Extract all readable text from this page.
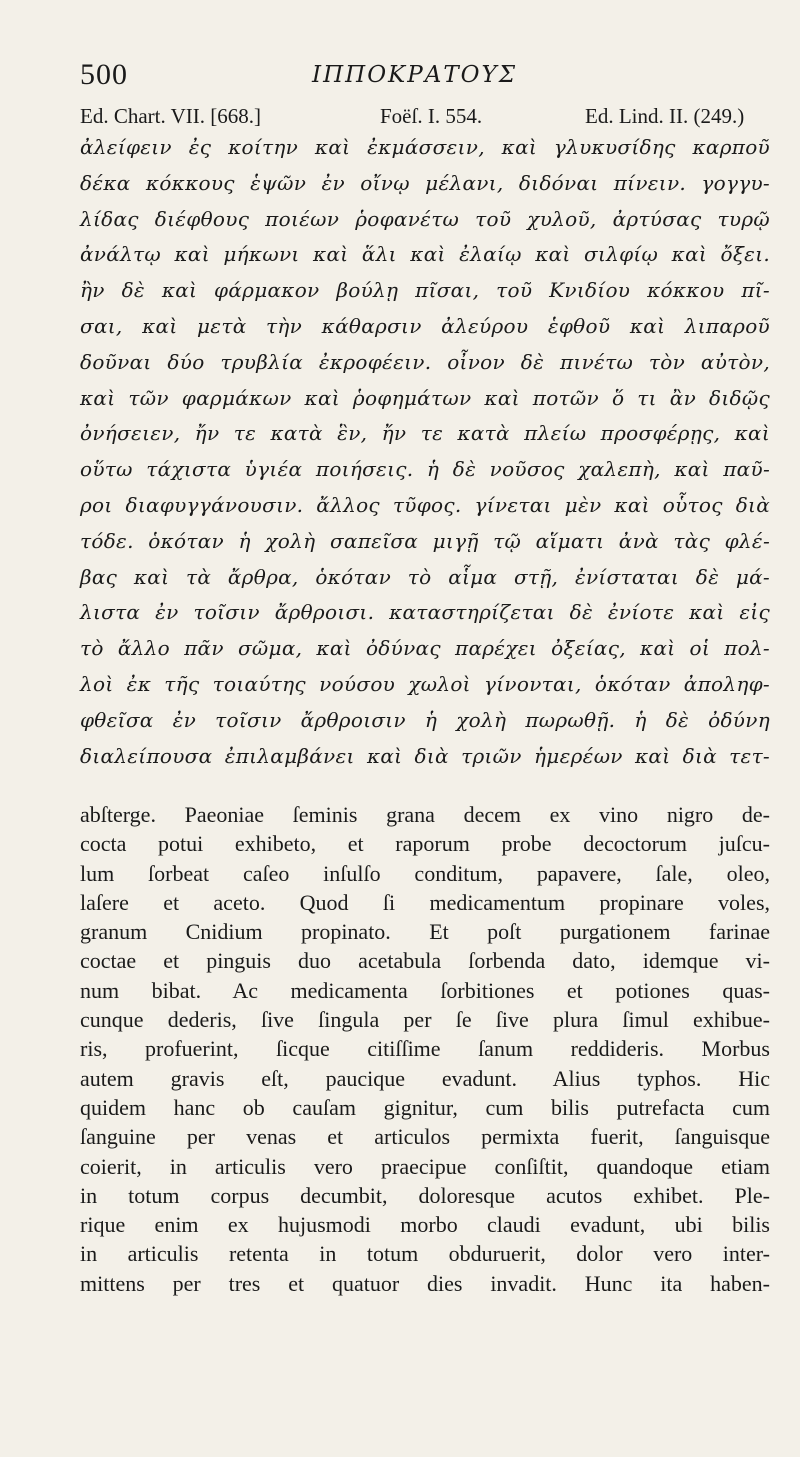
500	ΙΠΠΟΚΡΑΤΟΥΣ
Ed. Chart. VII. [668.]	Foëſ. I. 554.	Ed. Lind. II. (249.)
ἀλείφειν ἐς κοίτην καὶ ἐκμάσσειν, καὶ γλυκυσίδης καρποῦ
δέκα κόκκους ἑψῶν ἐν οἴνῳ μέλανι, διδόναι πίνειν. γογγυ-
λίδας διέφθους ποιέων ῥοφανέτω τοῦ χυλοῦ, ἀρτύσας τυρῷ
ἀνάλτῳ καὶ μήκωνι καὶ ἅλι καὶ ἐλαίῳ καὶ σιλφίῳ καὶ ὄξει.
ἢν δὲ καὶ φάρμακον βούλῃ πῖσαι, τοῦ Κνιδίου κόκκου πῖ-
σαι, καὶ μετὰ τὴν κάθαρσιν ἀλεύρου ἑφθοῦ καὶ λιπαροῦ
δοῦναι δύο τρυβλία ἐκροφέειν. οἶνον δὲ πινέτω τὸν αὐτὸν,
καὶ τῶν φαρμάκων καὶ ῥοφημάτων καὶ ποτῶν ὅ τι ἂν διδῷς
ὀνήσειεν, ἤν τε κατὰ ἓν, ἤν τε κατὰ πλείω προσφέρῃς, καὶ
οὕτω τάχιστα ὑγιέα ποιήσεις. ἡ δὲ νοῦσος χαλεπὴ, καὶ παῦ-
ροι διαφυγγάνουσιν. ἄλλος τῦφος. γίνεται μὲν καὶ οὗτος διὰ
τόδε. ὁκόταν ἡ χολὴ σαπεῖσα μιγῇ τῷ αἵματι ἀνὰ τὰς φλέ-
βας καὶ τὰ ἄρθρα, ὁκόταν τὸ αἷμα στῇ, ἐνίσταται δὲ μά-
λιστα ἐν τοῖσιν ἄρθροισι. καταστηρίζεται δὲ ἐνίοτε καὶ εἰς
τὸ ἄλλο πᾶν σῶμα, καὶ ὀδύνας παρέχει ὀξείας, καὶ οἱ πολ-
λοὶ ἐκ τῆς τοιαύτης νούσου χωλοὶ γίνονται, ὁκόταν ἀποληφ-
φθεῖσα ἐν τοῖσιν ἄρθροισιν ἡ χολὴ πωρωθῇ. ἡ δὲ ὀδύνη
διαλείπουσα ἐπιλαμβάνει καὶ διὰ τριῶν ἡμερέων καὶ διὰ τετ-
abſterge. Paeoniae ſeminis grana decem ex vino nigro de-
cocta potui exhibeto, et raporum probe decoctorum juſcu-
lum ſorbeat caſeo inſulſo conditum, papavere, ſale, oleo,
laſere et aceto. Quod ſi medicamentum propinare voles,
granum Cnidium propinato. Et poſt purgationem farinae
coctae et pinguis duo acetabula ſorbenda dato, idemque vi-
num bibat. Ac medicamenta ſorbitiones et potiones quas-
cunque dederis, ſive ſingula per ſe ſive plura ſimul exhibue-
ris, profuerint, ſicque citiſſime ſanum reddideris. Morbus
autem gravis eſt, paucique evadunt. Alius typhos. Hic
quidem hanc ob cauſam gignitur, cum bilis putrefacta cum
ſanguine per venas et articulos permixta fuerit, ſanguisque
coierit, in articulis vero praecipue conſiſtit, quandoque etiam
in totum corpus decumbit, doloresque acutos exhibet. Ple-
rique enim ex hujusmodi morbo claudi evadunt, ubi bilis
in articulis retenta in totum obduruerit, dolor vero inter-
mittens per tres et quatuor dies invadit. Hunc ita haben-
